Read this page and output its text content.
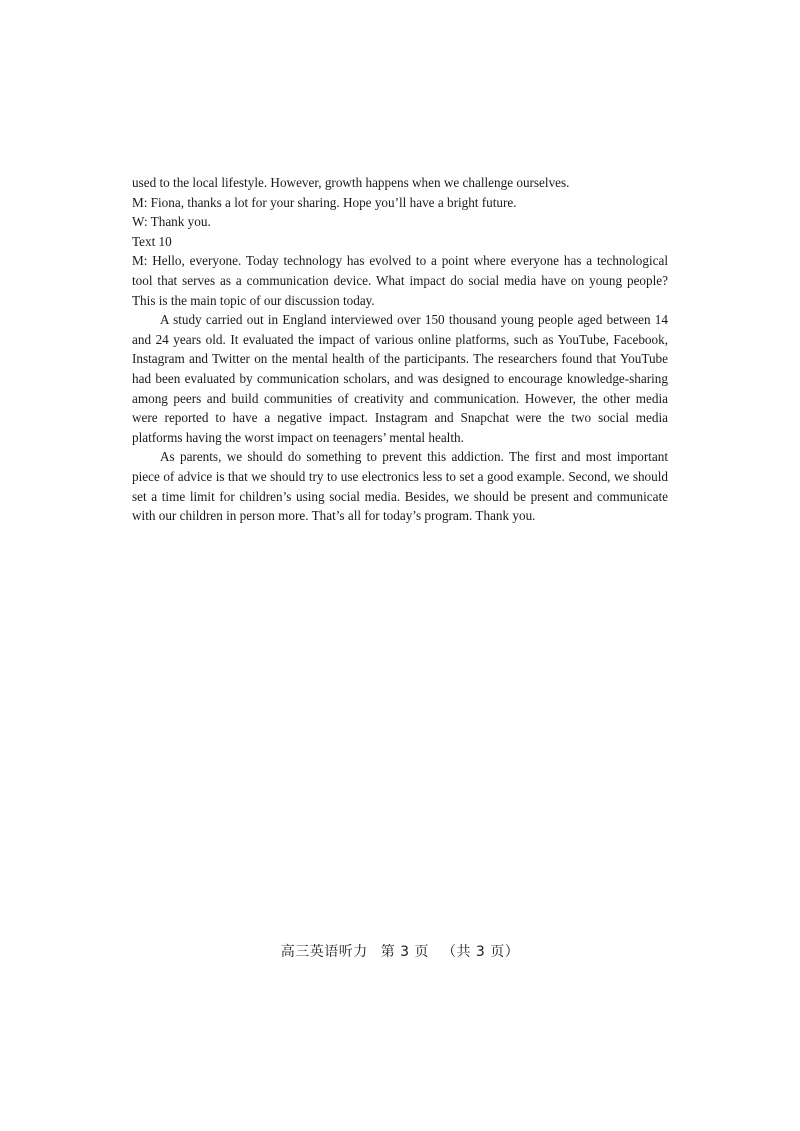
used to the local lifestyle. However, growth happens when we challenge ourselves.

M: Fiona, thanks a lot for your sharing. Hope you’ll have a bright future.

W: Thank you.

Text 10

M: Hello, everyone. Today technology has evolved to a point where everyone has a technological tool that serves as a communication device. What impact do social media have on young people? This is the main topic of our discussion today.

A study carried out in England interviewed over 150 thousand young people aged between 14 and 24 years old. It evaluated the impact of various online platforms, such as YouTube, Facebook, Instagram and Twitter on the mental health of the participants. The researchers found that YouTube had been evaluated by communication scholars, and was designed to encourage knowledge-sharing among peers and build communities of creativity and communication. However, the other media were reported to have a negative impact. Instagram and Snapchat were the two social media platforms having the worst impact on teenagers’ mental health.

As parents, we should do something to prevent this addiction. The first and most important piece of advice is that we should try to use electronics less to set a good example. Second, we should set a time limit for children’s using social media. Besides, we should be present and communicate with our children in person more. That’s all for today’s program. Thank you.

高三英语听力 第 3 页 （共 3 页）
